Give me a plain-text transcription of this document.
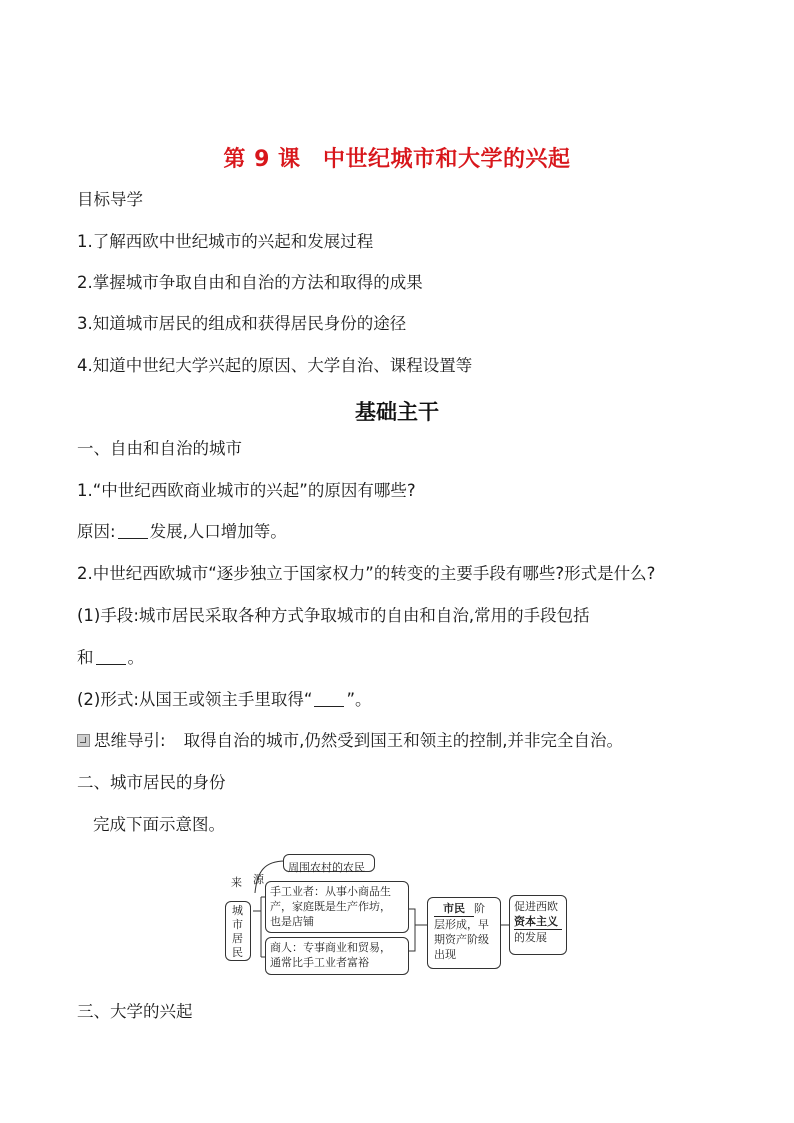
第 9 课　中世纪城市和大学的兴起
目标导学
1.了解西欧中世纪城市的兴起和发展过程
2.掌握城市争取自由和自治的方法和取得的成果
3.知道城市居民的组成和获得居民身份的途径
4.知道中世纪大学兴起的原因、大学自治、课程设置等
基础主干
一、自由和自治的城市
1.“中世纪西欧商业城市的兴起”的原因有哪些?
原因: 发展,人口增加等。
2.中世纪西欧城市“逐步独立于国家权力”的转变的主要手段有哪些?形式是什么?
(1)手段:城市居民采取各种方式争取城市的自由和自治,常用的手段包括
和 。
(2)形式:从国王或领主手里取得“ ”。
思维导引: 取得自治的城市,仍然受到国王和领主的控制,并非完全自治。
二、城市居民的身份
完成下面示意图。
来 源
周围农村的农民
城
市
居
民
手工业者：从事小商品生
产，家庭既是生产作坊，
也是店铺
商人：专事商业和贸易，
通常比手工业者富裕
市民 阶
层形成，早
期资产阶级
出现
促进西欧
资本主义
的发展
三、大学的兴起
